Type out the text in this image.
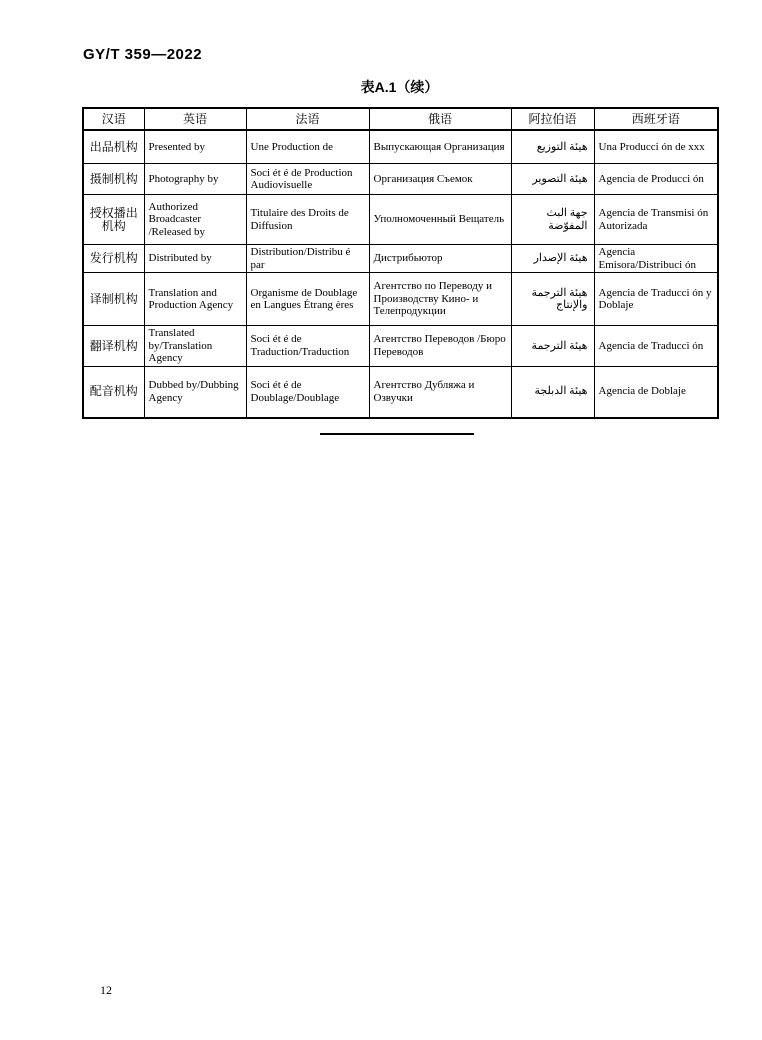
GY/T 359—2022
表A.1（续）
汉语	英语	法语	俄语	阿拉伯语	西班牙语
出品机构	Presented by	Une Production de	Выпускающая Организация	هيئة التوزيع	Una Producci ón de xxx
摄制机构	Photography by	Soci ét é de Production Audiovisuelle	Организация Съемок	هيئة التصوير	Agencia de Producci ón
授权播出机构	Authorized Broadcaster /Released by	Titulaire des Droits de Diffusion	Уполномоченный Вещатель	جهة البث المفوّضة	Agencia de Transmisi ón Autorizada
发行机构	Distributed by	Distribution/Distribu é par	Дистрибьютор	هيئة الإصدار	Agencia Emisora/Distribuci ón
译制机构	Translation and Production Agency	Organisme de Doublage en Langues Étrang ères	Агентство по Переводу и Производству Кино- и Телепродукции	هيئة الترجمة والإنتاج	Agencia de Traducci ón y Doblaje
翻译机构	Translated by/Translation Agency	Soci ét é de Traduction/Traduction	Агентство Переводов /Бюро Переводов	هيئة الترجمة	Agencia de Traducci ón
配音机构	Dubbed by/Dubbing Agency	Soci ét é de Doublage/Doublage	Агентство Дубляжа и Озвучки	هيئة الدبلجة	Agencia de Doblaje
12
